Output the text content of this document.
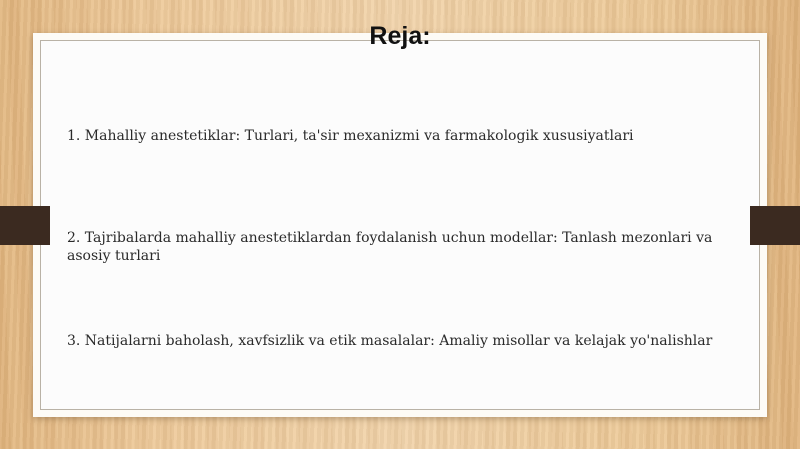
Reja:
1. Mahalliy anestetiklar: Turlari, ta'sir mexanizmi va farmakologik xususiyatlari
2. Tajribalarda mahalliy anestetiklardan foydalanish uchun modellar: Tanlash mezonlari va asosiy turlari
3. Natijalarni baholash, xavfsizlik va etik masalalar: Amaliy misollar va kelajak yo'nalishlar
